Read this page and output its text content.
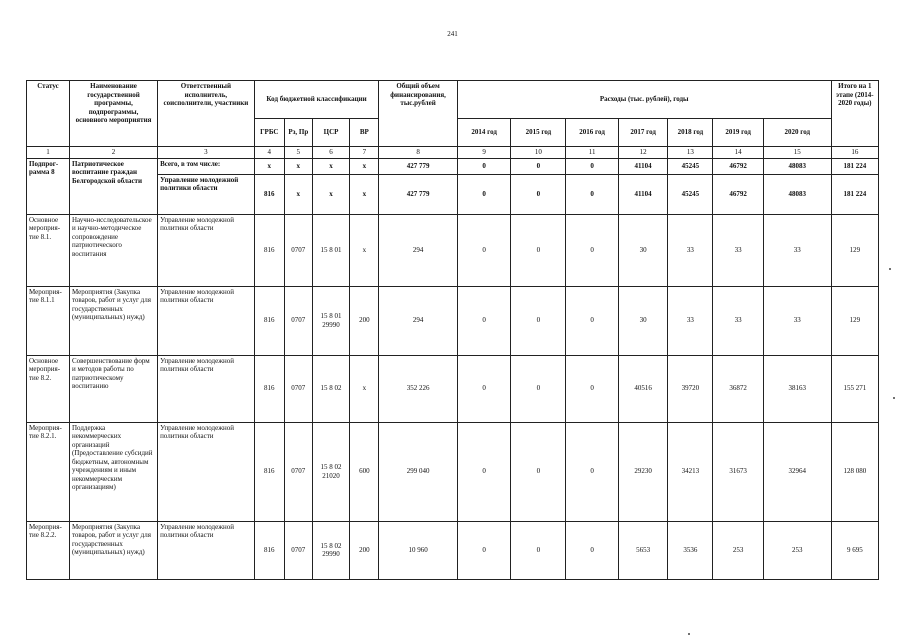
241
Статус	Наименование государственной программы, подпрограммы, основного мероприятия	Ответственный исполнитель, соисполнители, участники	Код бюджетной классификации				Общий объем финансирования, тыс.рублей	Расходы (тыс. рублей), годы							Итого на 1 этапе (2014-2020 годы)
			ГРБС	Рз, Пр	ЦСР	ВР		2014 год	2015 год	2016 год	2017 год	2018 год	2019 год	2020 год	
1	2	3	4	5	6	7	8	9	10	11	12	13	14	15	16
Подпрог-рамма 8	Патриотическое воспитание граждан Белгородской области	Всего, в том числе:	x	x	x	x	427 779	0	0	0	41104	45245	46792	48083	181 224
		Управление молодежной политики области	816	x	x	x	427 779	0	0	0	41104	45245	46792	48083	181 224
Основное мероприя-тие 8.1.	Научно-исследовательское и научно-методическое сопровождение патриотического воспитания	Управление молодежной политики области	816	0707	15 8 01	x	294	0	0	0	30	33	33	33	129
Мероприя-тие 8.1.1	Мероприятия (Закупка товаров, работ и услуг для государственных (муниципальных) нужд)	Управление молодежной политики области	816	0707	15 8 01 29990	200	294	0	0	0	30	33	33	33	129
Основное мероприя-тие 8.2.	Совершенствование форм и методов работы по патриотическому воспитанию	Управление молодежной политики области	816	0707	15 8 02	x	352 226	0	0	0	40516	39720	36872	38163	155 271
Мероприя-тие 8.2.1.	Поддержка некоммерческих организаций (Предоставление субсидий бюджетным, автономным учреждениям и иным некоммерческим организациям)	Управление молодежной политики области	816	0707	15 8 02 21020	600	299 040	0	0	0	29230	34213	31673	32964	128 080
Мероприя-тие 8.2.2.	Мероприятия (Закупка товаров, работ и услуг для государственных (муниципальных) нужд)	Управление молодежной политики области	816	0707	15 8 02 29990	200	10 960	0	0	0	5653	3536	253	253	9 695
